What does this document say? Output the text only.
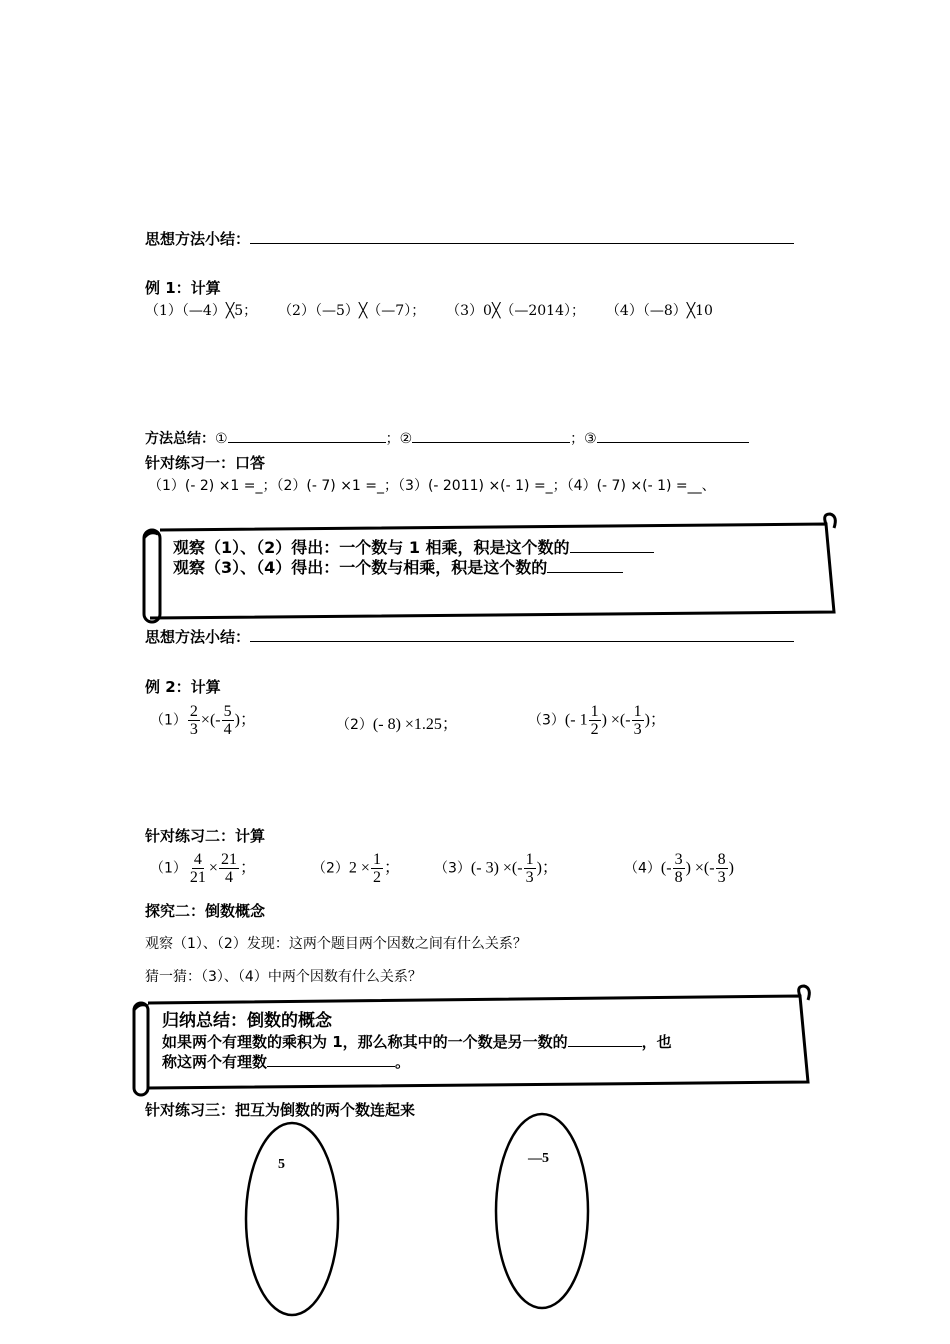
思想方法小结：
例 1：计算
（1）（—4）╳5； （2）（—5）╳（—7）； （3）0╳（—2014）； （4）（—8）╳10
方法总结：①	；②	；③
针对练习一：口答
（1）(- 2) ×1 =_；（2）(- 7) ×1 =_；（3）(- 2011) ×(- 1) =_；（4）(- 7) ×(- 1) =__、
观察（1）、（2）得出：一个数与 1 相乘，积是这个数的
观察（3）、（4）得出：一个数与相乘，积是这个数的
思想方法小结：
例 2：计算
$(1) \frac{2}{3}$ ×(- $\frac{5}{4}$ )；	（2）(- 8) ×1.25；	（3）(- $1 \frac{1}{2}$ ) ×(- $\frac{1}{3}$ )；
针对练习二：计算
$(1) \frac{4}{21} \times \frac{21}{4}$ ；	$(2)2 \times \frac{1}{2}$ ； （3）(- 3) ×(- $\frac{1}{3}$ )；	$(4)(- \frac{3}{8}$ ) ×(- $\frac{8}{3}$ )
探究二：倒数概念
观察（1）、（2）发现：这两个题目两个因数之间有什么关系？
猜一猜：（3）、（4）中两个因数有什么关系？
归纳总结：倒数的概念
如果两个有理数的乘积为 1，那么称其中的一个数是另一数的	，也
称这两个有理数	。
针对练习三：把互为倒数的两个数连起来
5	—5
